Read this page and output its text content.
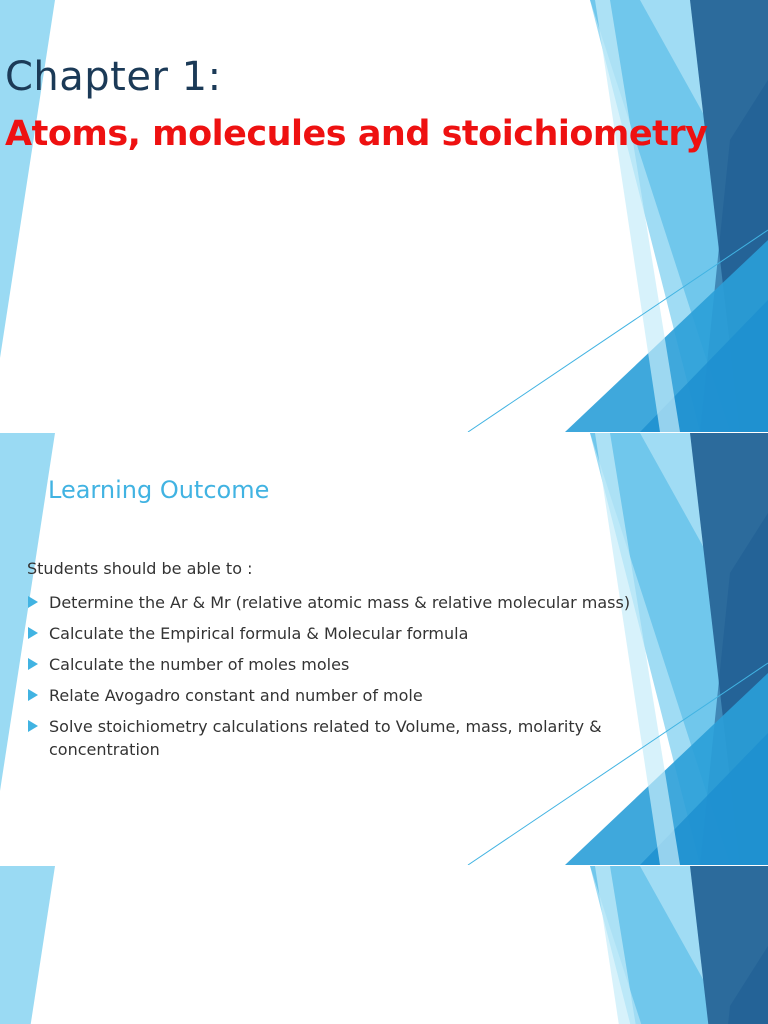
Chapter 1:
Atoms, molecules and stoichiometry
Learning Outcome

Students should be able to :

Determine the Ar & Mr (relative atomic mass & relative molecular mass)
Calculate the Empirical formula & Molecular formula
Calculate the number of moles moles
Relate Avogadro constant and number of mole
Solve stoichiometry calculations related to Volume, mass, molarity & concentration
